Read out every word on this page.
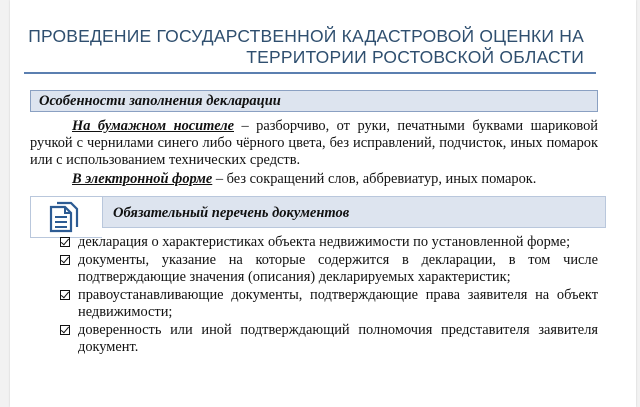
ПРОВЕДЕНИЕ ГОСУДАРСТВЕННОЙ КАДАСТРОВОЙ ОЦЕНКИ НА
ТЕРРИТОРИИ РОСТОВСКОЙ ОБЛАСТИ
Особенности заполнения декларации
На бумажном носителе – разборчиво, от руки, печатными буквами шариковой ручкой с чернилами синего либо чёрного цвета, без исправлений, подчисток, иных помарок или с использованием технических средств.
В электронной форме – без сокращений слов, аббревиатур, иных помарок.
Обязательный перечень документов
декларация о характеристиках объекта недвижимости по установленной форме;
документы, указание на которые содержится в декларации, в том числе подтверждающие значения (описания) декларируемых характеристик;
правоустанавливающие документы, подтверждающие права заявителя на объект недвижимости;
доверенность или иной подтверждающий полномочия представителя заявителя документ.
